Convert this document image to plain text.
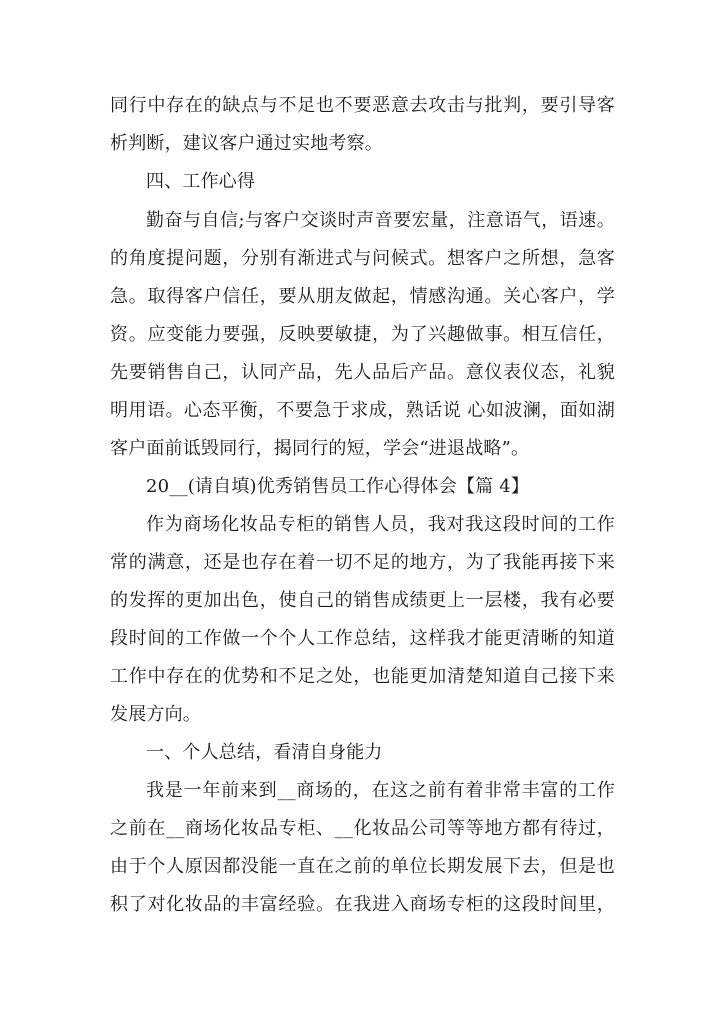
同行中存在的缺点与不足也不要恶意去攻击与批判，要引导客
析判断，建议客户通过实地考察。
四、工作心得
勤奋与自信;与客户交谈时声音要宏量，注意语气，语速。
的角度提问题，分别有渐进式与问候式。想客户之所想，急客
急。取得客户信任，要从朋友做起，情感沟通。关心客户，学
资。应变能力要强，反映要敏捷，为了兴趣做事。相互信任，
先要销售自己，认同产品，先人品后产品。意仪表仪态，礼貌
明用语。心态平衡，不要急于求成，熟话说 心如波澜，面如湖
客户面前诋毁同行，揭同行的短，学会“进退战略”。
20__(请自填)优秀销售员工作心得体会【篇 4】
作为商场化妆品专柜的销售人员，我对我这段时间的工作
常的满意，还是也存在着一切不足的地方，为了我能再接下来
的发挥的更加出色，使自己的销售成绩更上一层楼，我有必要
段时间的工作做一个个人工作总结，这样我才能更清晰的知道
工作中存在的优势和不足之处，也能更加清楚知道自己接下来
发展方向。
一、个人总结，看清自身能力
我是一年前来到__商场的，在这之前有着非常丰富的工作
之前在__商场化妆品专柜、__化妆品公司等等地方都有待过，
由于个人原因都没能一直在之前的单位长期发展下去，但是也
积了对化妆品的丰富经验。在我进入商场专柜的这段时间里，
